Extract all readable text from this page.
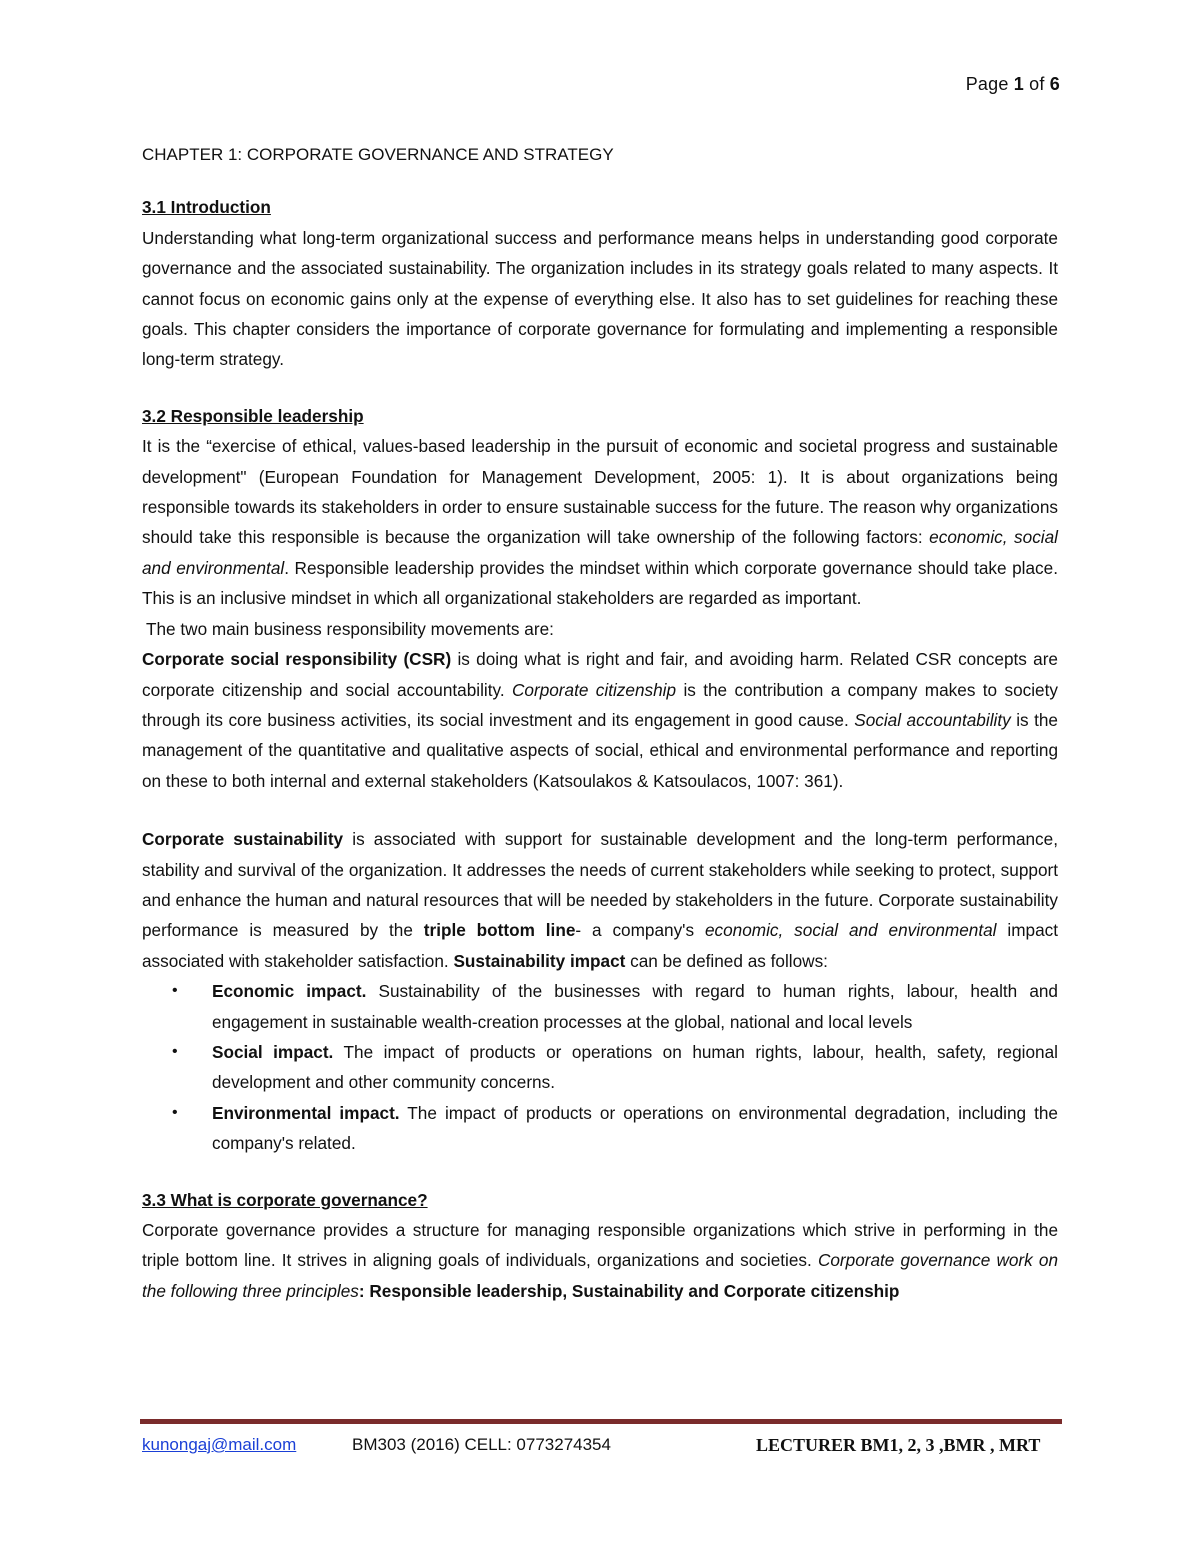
Page 1 of 6
CHAPTER 1: CORPORATE GOVERNANCE AND STRATEGY
3.1 Introduction

Understanding what long-term organizational success and performance means helps in understanding good corporate governance and the associated sustainability. The organization includes in its strategy goals related to many aspects. It cannot focus on economic gains only at the expense of everything else. It also has to set guidelines for reaching these goals. This chapter considers the importance of corporate governance for formulating and implementing a responsible long-term strategy.

3.2 Responsible leadership

It is the “exercise of ethical, values-based leadership in the pursuit of economic and societal progress and sustainable development" (European Foundation for Management Development, 2005: 1). It is about organizations being responsible towards its stakeholders in order to ensure sustainable success for the future. The reason why organizations should take this responsible is because the organization will take ownership of the following factors: economic, social and environmental. Responsible leadership provides the mindset within which corporate governance should take place. This is an inclusive mindset in which all organizational stakeholders are regarded as important.

The two main business responsibility movements are:

Corporate social responsibility (CSR) is doing what is right and fair, and avoiding harm. Related CSR concepts are corporate citizenship and social accountability. Corporate citizenship is the contribution a company makes to society through its core business activities, its social investment and its engagement in good cause. Social accountability is the management of the quantitative and qualitative aspects of social, ethical and environmental performance and reporting on these to both internal and external stakeholders (Katsoulakos & Katsoulacos, 1007: 361).

Corporate sustainability is associated with support for sustainable development and the long-term performance, stability and survival of the organization. It addresses the needs of current stakeholders while seeking to protect, support and enhance the human and natural resources that will be needed by stakeholders in the future. Corporate sustainability performance is measured by the triple bottom line- a company's economic, social and environmental impact associated with stakeholder satisfaction. Sustainability impact can be defined as follows:

• Economic impact. Sustainability of the businesses with regard to human rights, labour, health and engagement in sustainable wealth-creation processes at the global, national and local levels
• Social impact. The impact of products or operations on human rights, labour, health, safety, regional development and other community concerns.
• Environmental impact. The impact of products or operations on environmental degradation, including the company's related.
3.3 What is corporate governance?

Corporate governance provides a structure for managing responsible organizations which strive in performing in the triple bottom line. It strives in aligning goals of individuals, organizations and societies. Corporate governance work on the following three principles: Responsible leadership, Sustainability and Corporate citizenship

kunongaj@mail.com	BM303 (2016) CELL: 0773274354	LECTURER BM1, 2, 3 ,BMR , MRT
